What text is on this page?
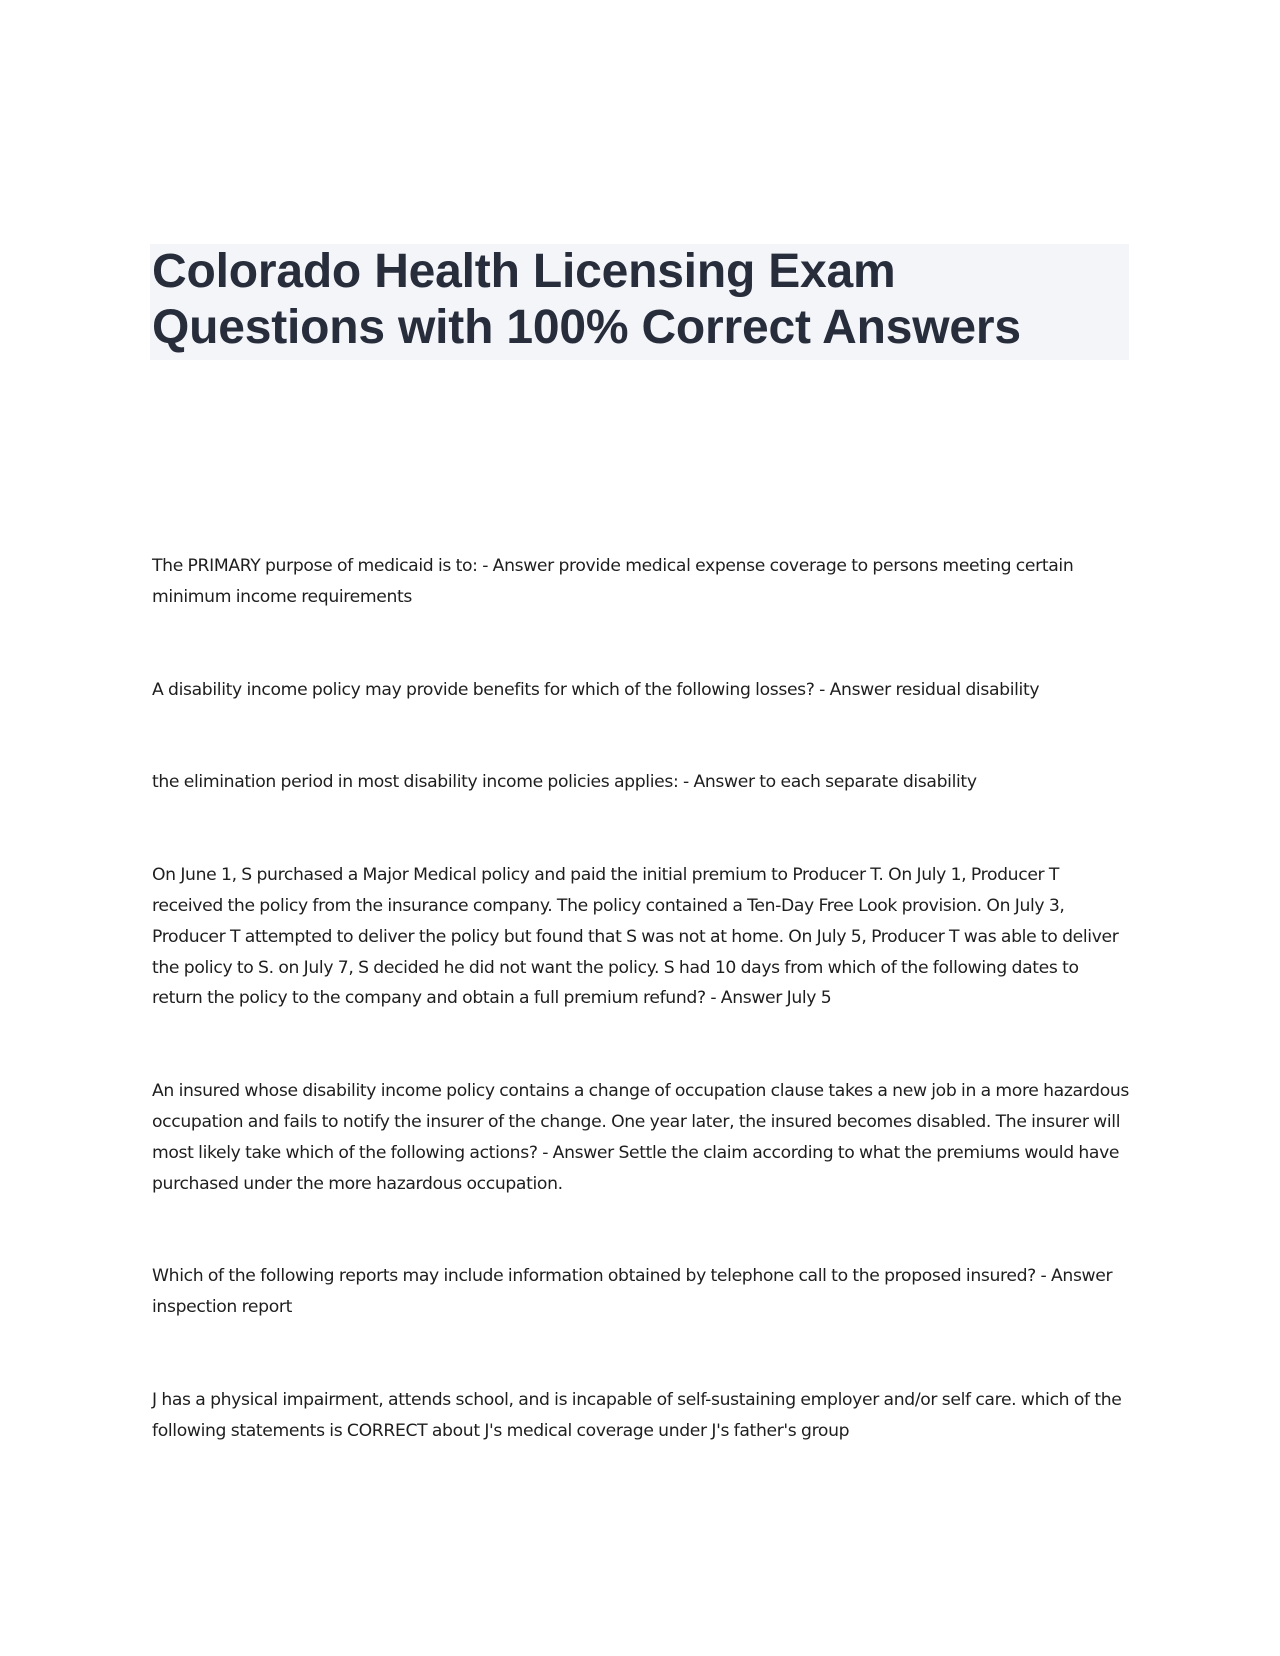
Colorado Health Licensing Exam
Questions with 100% Correct Answers

The PRIMARY purpose of medicaid is to: - Answer provide medical expense coverage to persons meeting certain minimum income requirements

A disability income policy may provide benefits for which of the following losses? - Answer residual disability

the elimination period in most disability income policies applies: - Answer to each separate disability

On June 1, S purchased a Major Medical policy and paid the initial premium to Producer T. On July 1, Producer T received the policy from the insurance company. The policy contained a Ten-Day Free Look provision. On July 3, Producer T attempted to deliver the policy but found that S was not at home. On July 5, Producer T was able to deliver the policy to S. on July 7, S decided he did not want the policy. S had 10 days from which of the following dates to return the policy to the company and obtain a full premium refund? - Answer July 5

An insured whose disability income policy contains a change of occupation clause takes a new job in a more hazardous occupation and fails to notify the insurer of the change. One year later, the insured becomes disabled. The insurer will most likely take which of the following actions? - Answer Settle the claim according to what the premiums would have purchased under the more hazardous occupation.

Which of the following reports may include information obtained by telephone call to the proposed insured? - Answer inspection report

J has a physical impairment, attends school, and is incapable of self-sustaining employer and/or self care. which of the following statements is CORRECT about J's medical coverage under J's father's group
